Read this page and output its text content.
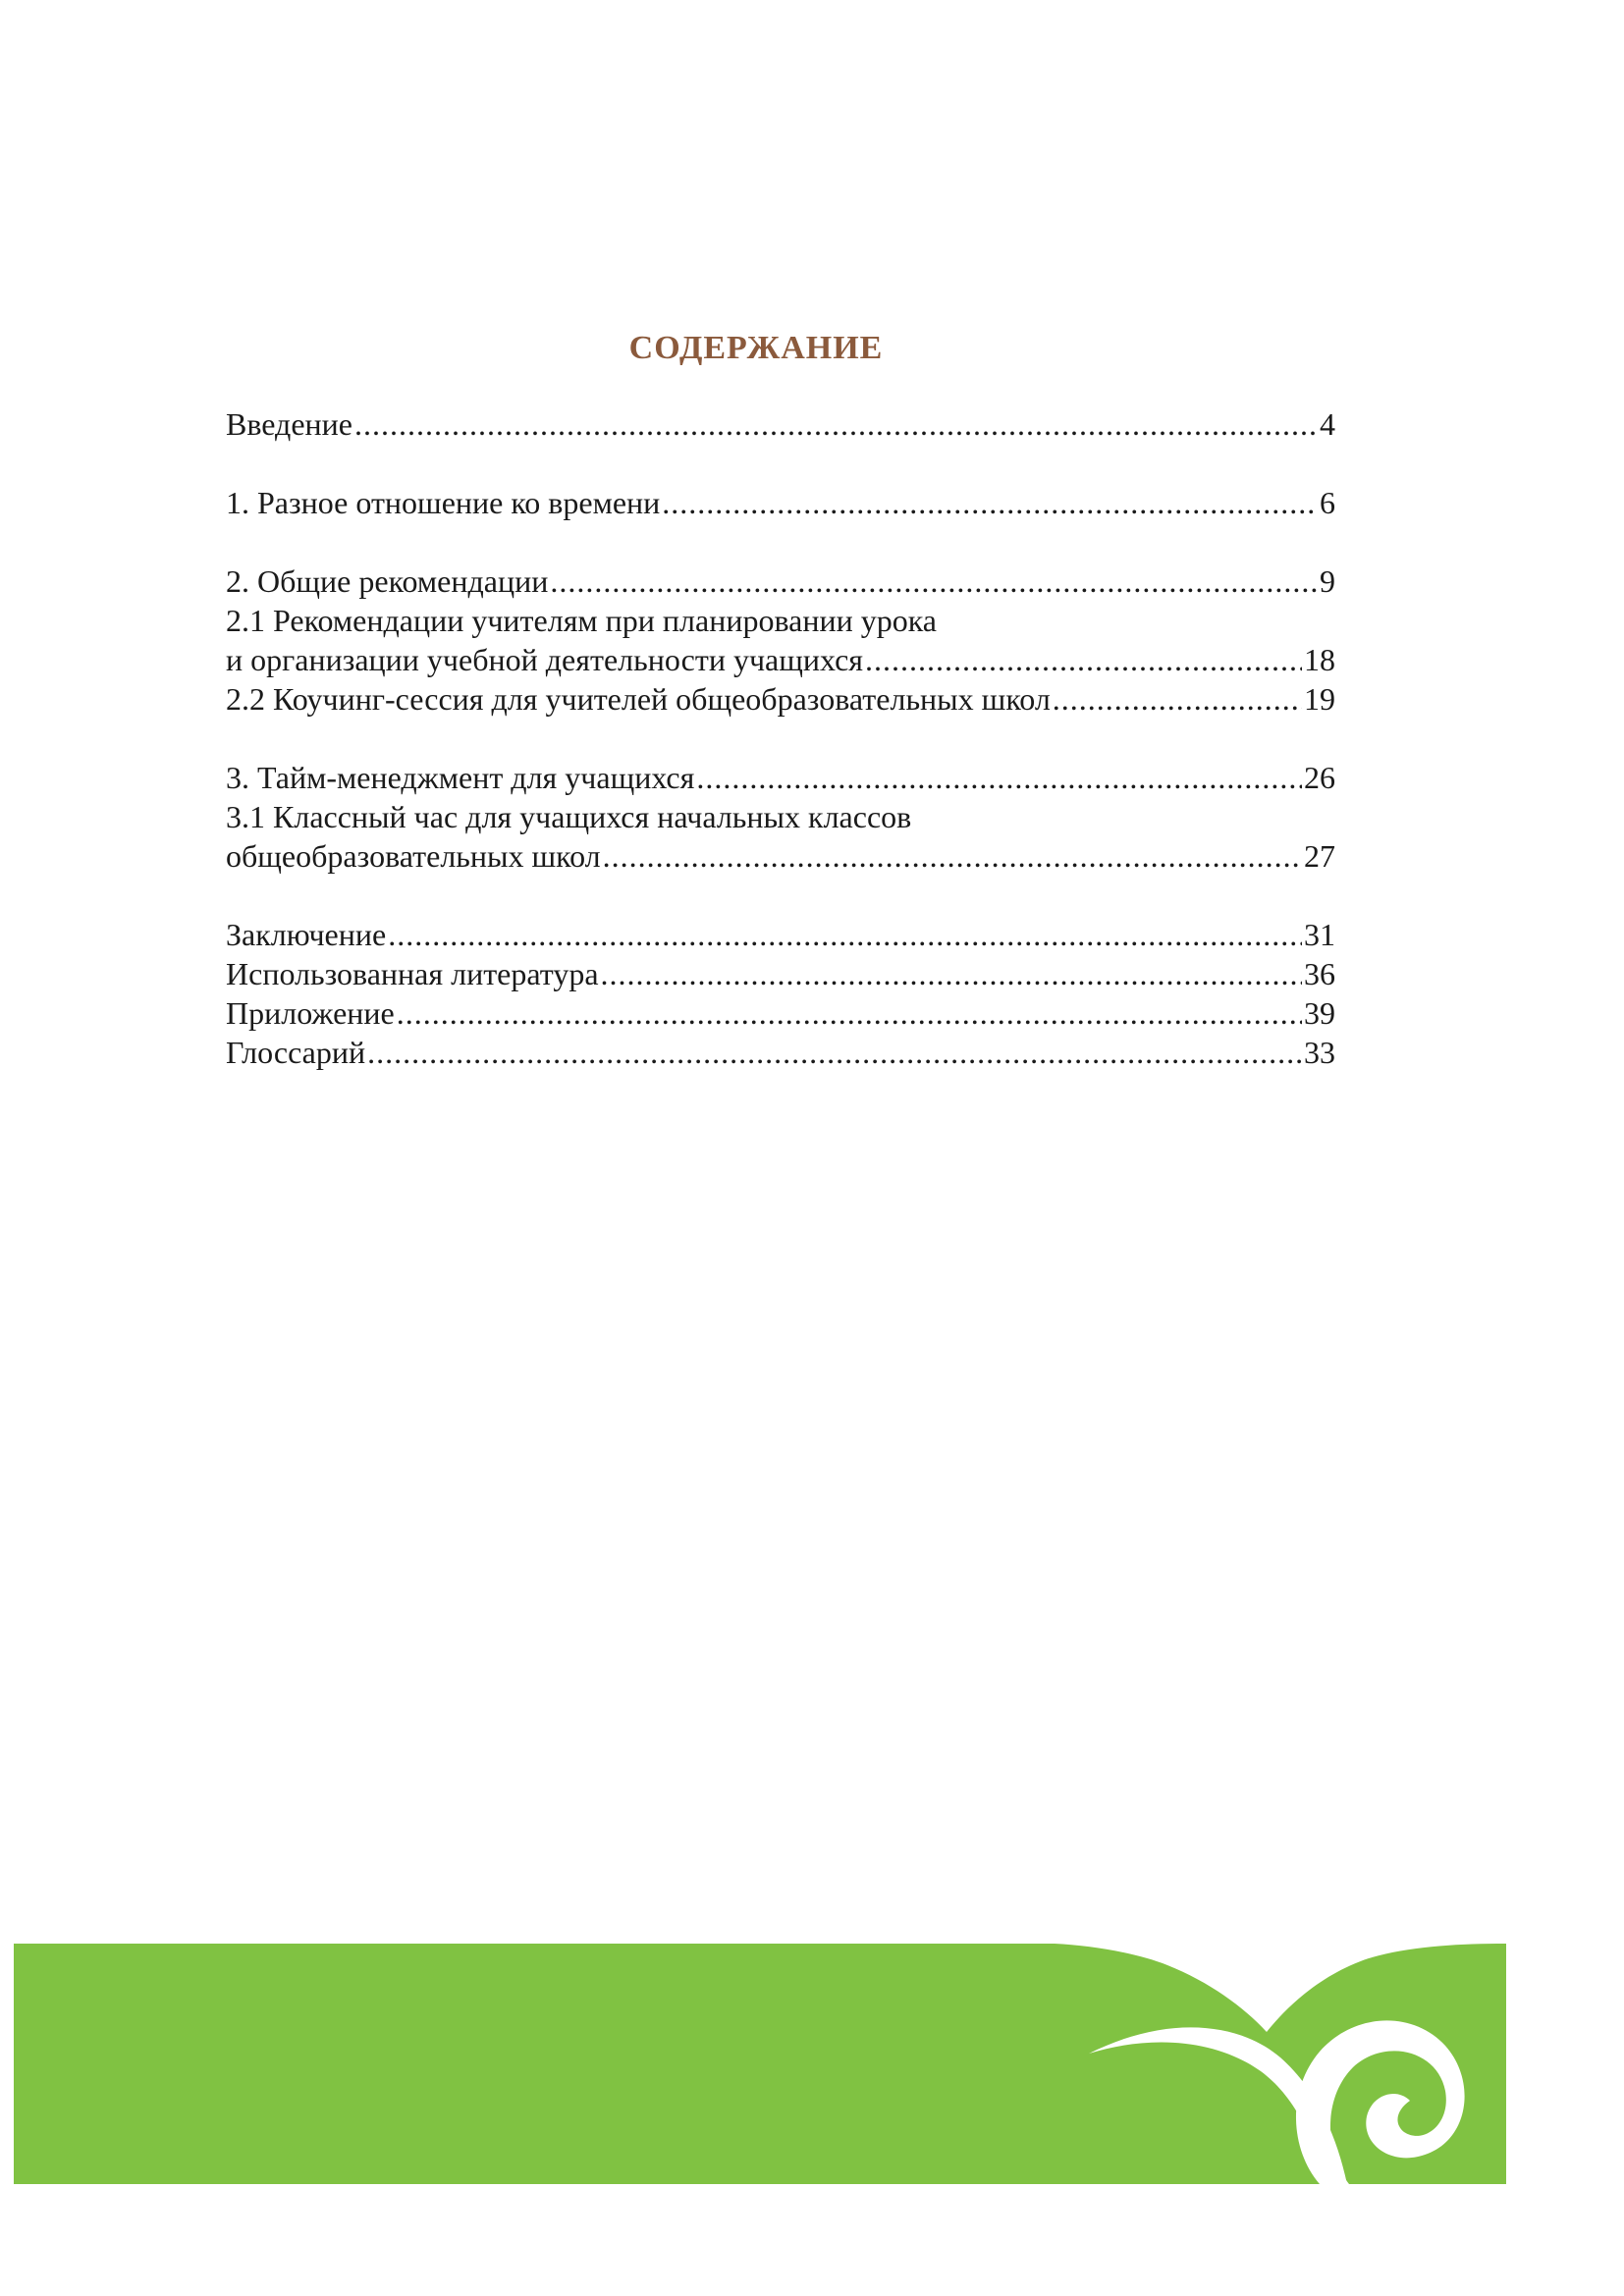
СОДЕРЖАНИЕ
Введение .....	4
1. Разное отношение ко времени .....	6
2. Общие рекомендации .....	9
2.1 Рекомендации учителям при планировании урока
и организации учебной деятельности учащихся .....	18
2.2 Коучинг-сессия для учителей общеобразовательных школ .....	19
3. Тайм-менеджмент для учащихся .....	26
3.1 Классный час для учащихся начальных классов
общеобразовательных школ .....	27
Заключение .....	31
Использованная литература .....	36
Приложение .....	39
Глоссарий .....	33
